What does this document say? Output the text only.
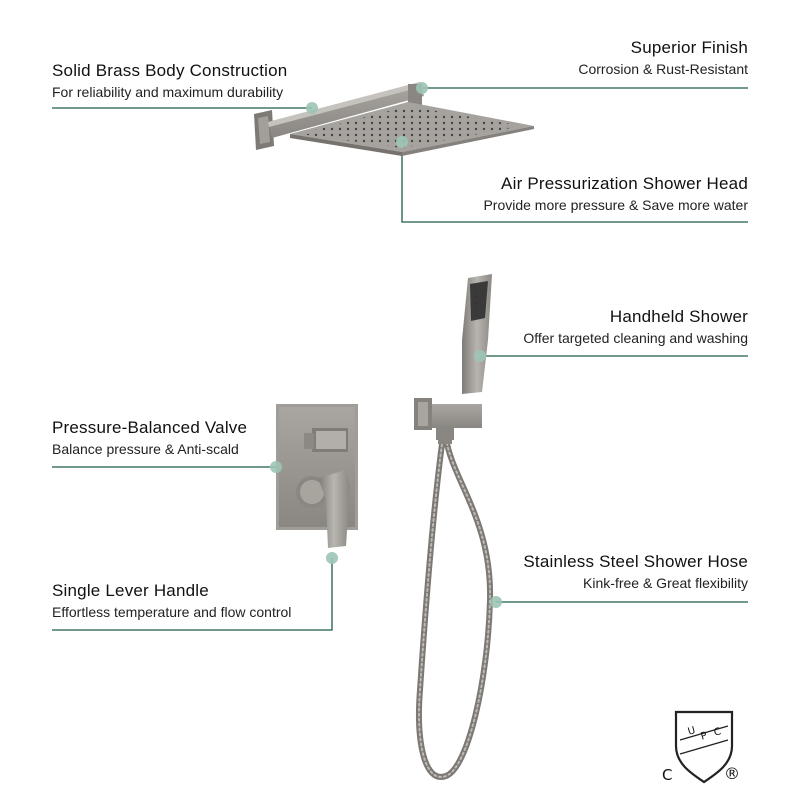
U P C
C	®
Solid Brass Body Construction
For reliability and maximum durability
Superior Finish
Corrosion & Rust-Resistant
Air Pressurization Shower Head
Provide more pressure & Save more water
Handheld Shower
Offer targeted cleaning and washing
Pressure-Balanced Valve
Balance pressure & Anti-scald
Single Lever Handle
Effortless temperature and flow control
Stainless Steel Shower Hose
Kink-free & Great flexibility
